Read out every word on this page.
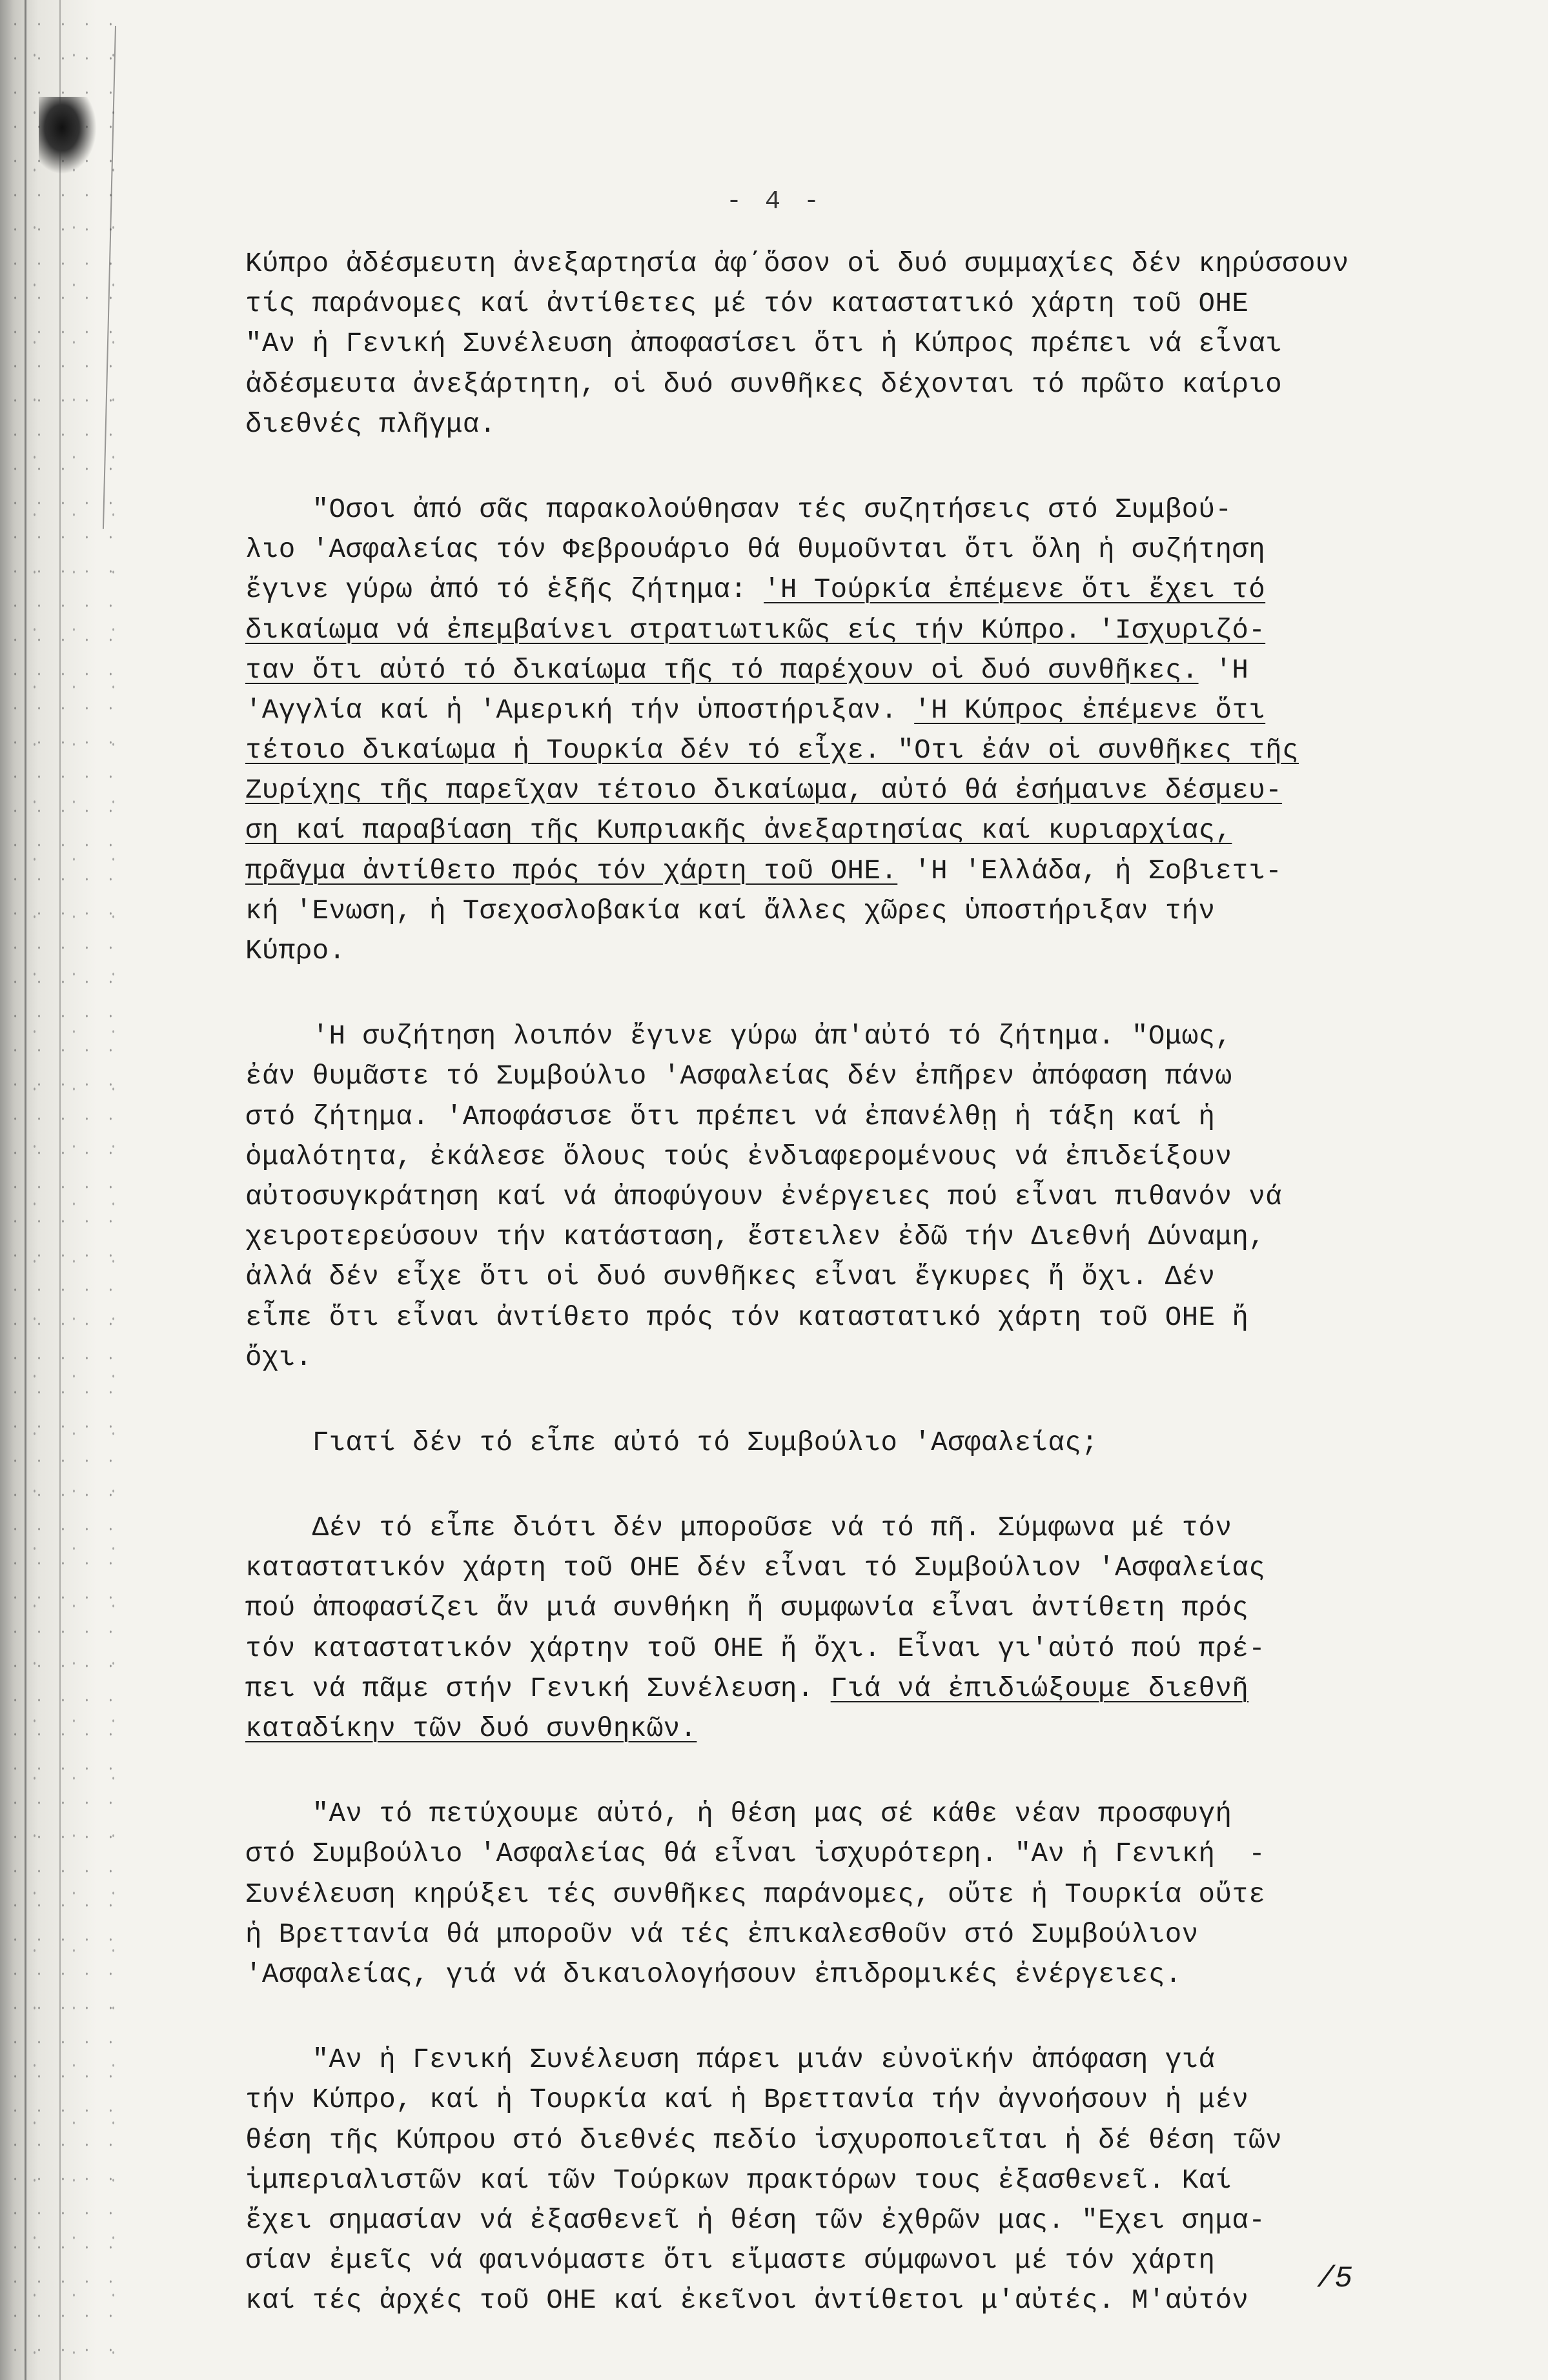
- 4 -
Κύπρο ἀδέσμευτη ἀνεξαρτησία ἀφ΄ὅσον οἱ δυό συμμαχίες δέν κηρύσσουν
τίς παράνομες καί ἀντίθετες μέ τόν καταστατικό χάρτη τοῦ ΟΗΕ
"Αν ἡ Γενική Συνέλευση ἀποφασίσει ὅτι ἡ Κύπρος πρέπει νά εἶναι
ἀδέσμευτα ἀνεξάρτητη, οἱ δυό συνθῆκες δέχονται τό πρῶτο καίριο
διεθνές πλῆγμα.
"Οσοι ἀπό σᾶς παρακολούθησαν τές συζητήσεις στό Συμβού-
λιο 'Ασφαλείας τόν Φεβρουάριο θά θυμοῦνται ὅτι ὅλη ἡ συζήτηση
ἔγινε γύρω ἀπό τό ἑξῆς ζήτημα: 'Η Τούρκία ἐπέμενε ὅτι ἔχει τό
δικαίωμα νά ἐπεμβαίνει στρατιωτικῶς είς τήν Κύπρο. 'Ισχυριζό-
ταν ὅτι αὐτό τό δικαίωμα τῆς τό παρέχουν οἱ δυό συνθῆκες. 'Η
'Αγγλία καί ἡ 'Αμερική τήν ὑποστήριξαν. 'Η Κύπρος ἐπέμενε ὅτι
τέτοιο δικαίωμα ἡ Τουρκία δέν τό εἶχε. "Οτι ἐάν οἱ συνθῆκες τῆς
Ζυρίχης τῆς παρεῖχαν τέτοιο δικαίωμα, αὐτό θά ἐσήμαινε δέσμευ-
ση καί παραβίαση τῆς Κυπριακῆς ἀνεξαρτησίας καί κυριαρχίας,
πρᾶγμα ἀντίθετο πρός τόν χάρτη τοῦ ΟΗΕ. 'Η 'Ελλάδα, ἡ Σοβιετι-
κή 'Ενωση, ἡ Τσεχοσλοβακία καί ἄλλες χῶρες ὑποστήριξαν τήν
Κύπρο.
'Η συζήτηση λοιπόν ἔγινε γύρω ἀπ'αὐτό τό ζήτημα. "Ομως,
ἐάν θυμᾶστε τό Συμβούλιο 'Ασφαλείας δέν ἐπῆρεν ἀπόφαση πάνω
στό ζήτημα. 'Αποφάσισε ὅτι πρέπει νά ἐπανέλθῃ ἡ τάξη καί ἡ
ὁμαλότητα, ἐκάλεσε ὅλους τούς ἐνδιαφερομένους νά ἐπιδείξουν
αὐτοσυγκράτηση καί νά ἀποφύγουν ἐνέργειες πού εἶναι πιθανόν νά
χειροτερεύσουν τήν κατάσταση, ἔστειλεν ἐδῶ τήν Διεθνή Δύναμη,
ἀλλά δέν εἶχε ὅτι οἱ δυό συνθῆκες εἶναι ἔγκυρες ἤ ὄχι. Δέν
εἶπε ὅτι εἶναι ἀντίθετο πρός τόν καταστατικό χάρτη τοῦ ΟΗΕ ἤ
ὄχι.
Γιατί δέν τό εἶπε αὐτό τό Συμβούλιο 'Ασφαλείας;
Δέν τό εἶπε διότι δέν μποροῦσε νά τό πῆ. Σύμφωνα μέ τόν
καταστατικόν χάρτη τοῦ ΟΗΕ δέν εἶναι τό Συμβούλιον 'Ασφαλείας
πού ἀποφασίζει ἄν μιά συνθήκη ἤ συμφωνία εἶναι ἀντίθετη πρός
τόν καταστατικόν χάρτην τοῦ ΟΗΕ ἤ ὄχι. Εἶναι γι'αὐτό πού πρέ-
πει νά πᾶμε στήν Γενική Συνέλευση. Γιά νά ἐπιδιώξουμε διεθνῆ
καταδίκην τῶν δυό συνθηκῶν.
"Αν τό πετύχουμε αὐτό, ἡ θέση μας σέ κάθε νέαν προσφυγή
στό Συμβούλιο 'Ασφαλείας θά εἶναι ἰσχυρότερη. "Αν ἡ Γενική  -
Συνέλευση κηρύξει τές συνθῆκες παράνομες, οὔτε ἡ Τουρκία οὔτε
ἡ Βρεττανία θά μποροῦν νά τές ἐπικαλεσθοῦν στό Συμβούλιον
'Ασφαλείας, γιά νά δικαιολογήσουν ἐπιδρομικές ἐνέργειες.
"Αν ἡ Γενική Συνέλευση πάρει μιάν εὐνοϊκήν ἀπόφαση γιά
τήν Κύπρο, καί ἡ Τουρκία καί ἡ Βρεττανία τήν ἀγνοήσουν ἡ μέν
θέση τῆς Κύπρου στό διεθνές πεδίο ἰσχυροποιεῖται ἡ δέ θέση τῶν
ἰμπεριαλιστῶν καί τῶν Τούρκων πρακτόρων τους ἐξασθενεῖ. Καί
ἔχει σημασίαν νά ἐξασθενεῖ ἡ θέση τῶν ἐχθρῶν μας. "Εχει σημα-
σίαν ἐμεῖς νά φαινόμαστε ὅτι εἴμαστε σύμφωνοι μέ τόν χάρτη
καί τές ἀρχές τοῦ ΟΗΕ καί ἐκεῖνοι ἀντίθετοι μ'αὐτές. Μ'αὐτόν
/5
